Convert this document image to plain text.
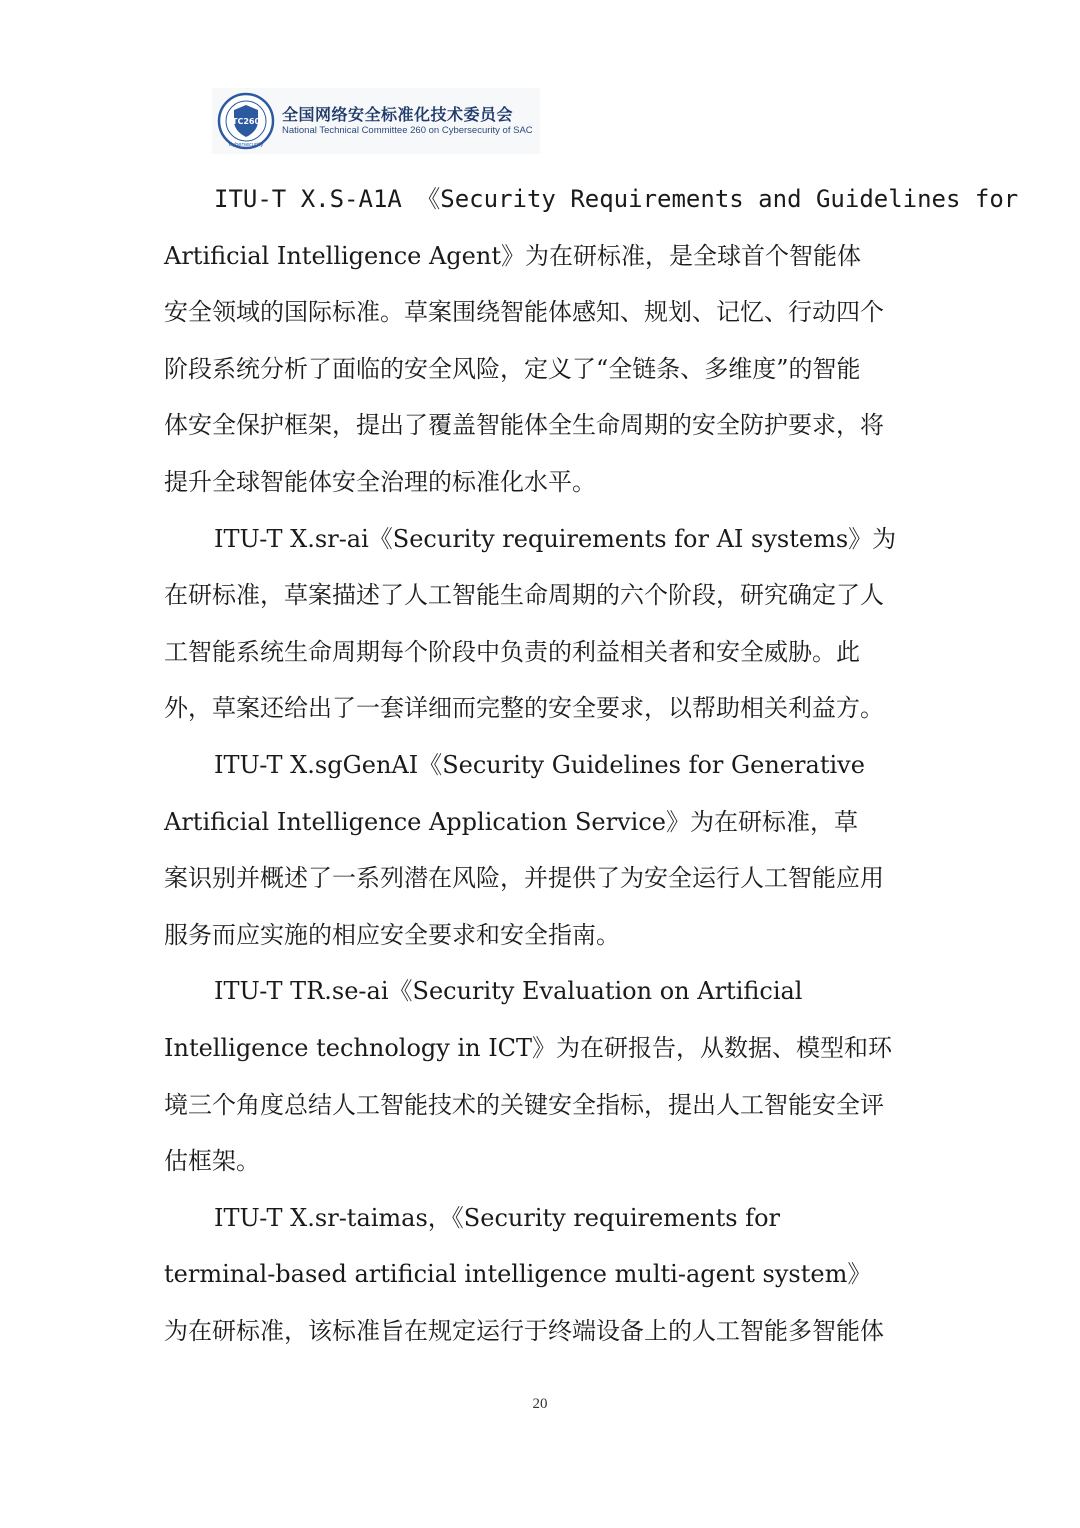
TC260
Cybersecurity
全国网络安全标准化技术委员会
National Technical Committee 260 on Cybersecurity of SAC
ITU-T X.S-A1A 《Security Requirements and Guidelines for
Artificial Intelligence Agent》为在研标准，是全球首个智能体
安全领域的国际标准。草案围绕智能体感知、规划、记忆、行动四个
阶段系统分析了面临的安全风险，定义了“全链条、多维度”的智能
体安全保护框架，提出了覆盖智能体全生命周期的安全防护要求，将
提升全球智能体安全治理的标准化水平。
ITU-T X.sr-ai《Security requirements for AI systems》为
在研标准，草案描述了人工智能生命周期的六个阶段，研究确定了人
工智能系统生命周期每个阶段中负责的利益相关者和安全威胁。此
外，草案还给出了一套详细而完整的安全要求，以帮助相关利益方。
ITU-T X.sgGenAI《Security Guidelines for Generative
Artificial Intelligence Application Service》为在研标准，草
案识别并概述了一系列潜在风险，并提供了为安全运行人工智能应用
服务而应实施的相应安全要求和安全指南。
ITU-T TR.se-ai《Security Evaluation on Artificial
Intelligence technology in ICT》为在研报告，从数据、模型和环
境三个角度总结人工智能技术的关键安全指标，提出人工智能安全评
估框架。
ITU-T X.sr-taimas，《Security requirements for
terminal-based artificial intelligence multi-agent system》
为在研标准，该标准旨在规定运行于终端设备上的人工智能多智能体
20
